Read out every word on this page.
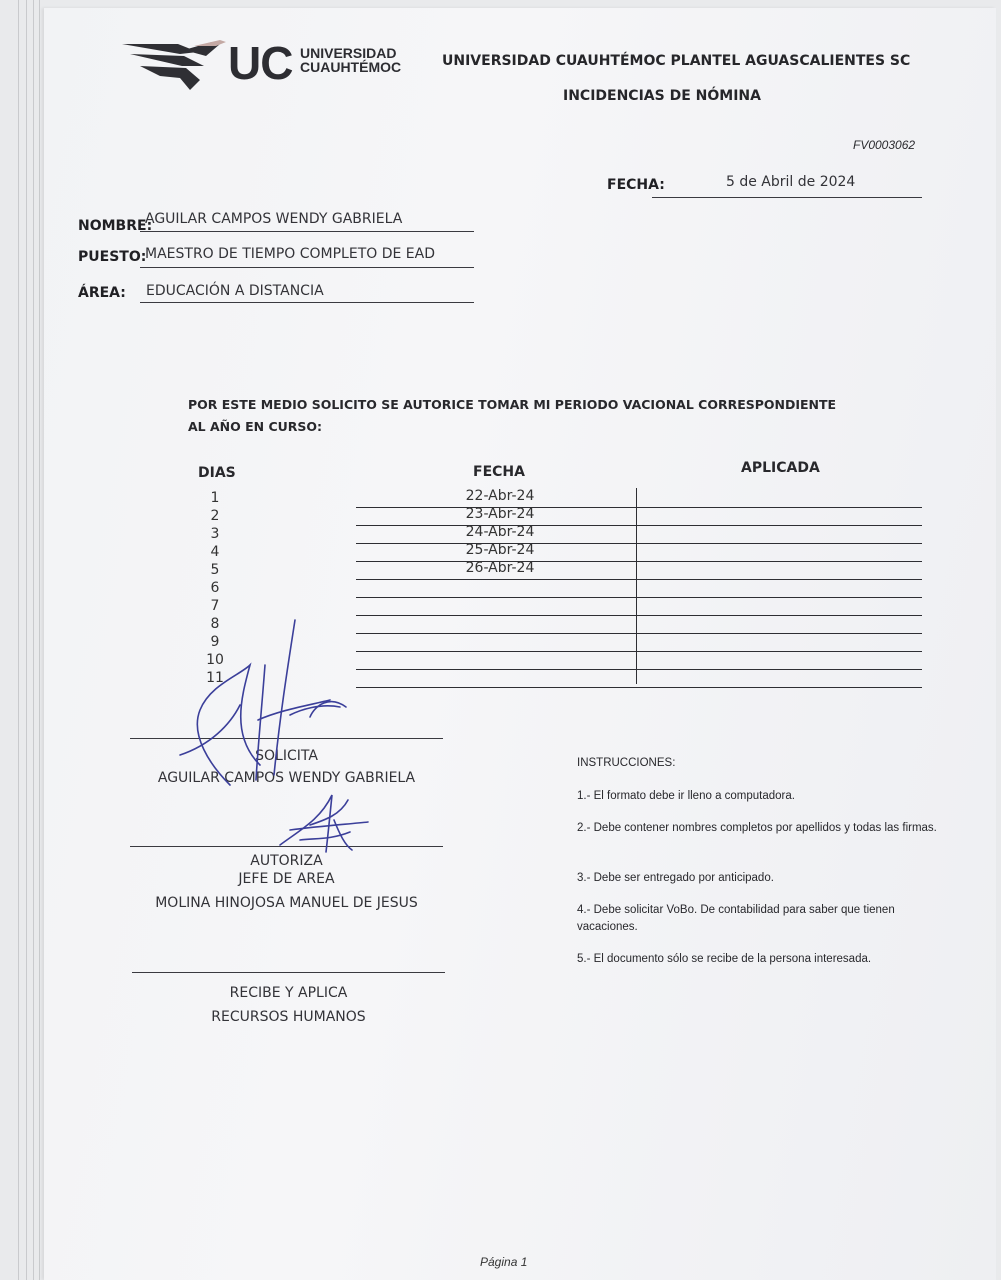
UC UNIVERSIDAD
CUAUHTÉMOC	UNIVERSIDAD CUAUHTÉMOC PLANTEL AGUASCALIENTES SC
INCIDENCIAS DE NÓMINA
FV0003062
FECHA:	5 de Abril de 2024
NOMBRE:
AGUILAR CAMPOS WENDY GABRIELA
PUESTO:
MAESTRO DE TIEMPO COMPLETO DE EAD
ÁREA: EDUCACIÓN A DISTANCIA
POR ESTE MEDIO SOLICITO SE AUTORICE TOMAR MI PERIODO VACIONAL CORRESPONDIENTE AL AÑO EN CURSO:
DIAS	FECHA	APLICADA
1	22-Abr-24
2	23-Abr-24
3	24-Abr-24
4	25-Abr-24
5	26-Abr-24
6
7
8
9
10
11
SOLICITA
AGUILAR CAMPOS WENDY GABRIELA
AUTORIZA
JEFE DE AREA
MOLINA HINOJOSA MANUEL DE JESUS
RECIBE Y APLICA
RECURSOS HUMANOS
INSTRUCCIONES:
1.- El formato debe ir lleno a computadora.
2.- Debe contener nombres completos por apellidos y todas las firmas.
3.- Debe ser entregado por anticipado.
4.- Debe solicitar VoBo. De contabilidad para saber que tienen vacaciones.
5.- El documento sólo se recibe de la persona interesada.
Página 1
